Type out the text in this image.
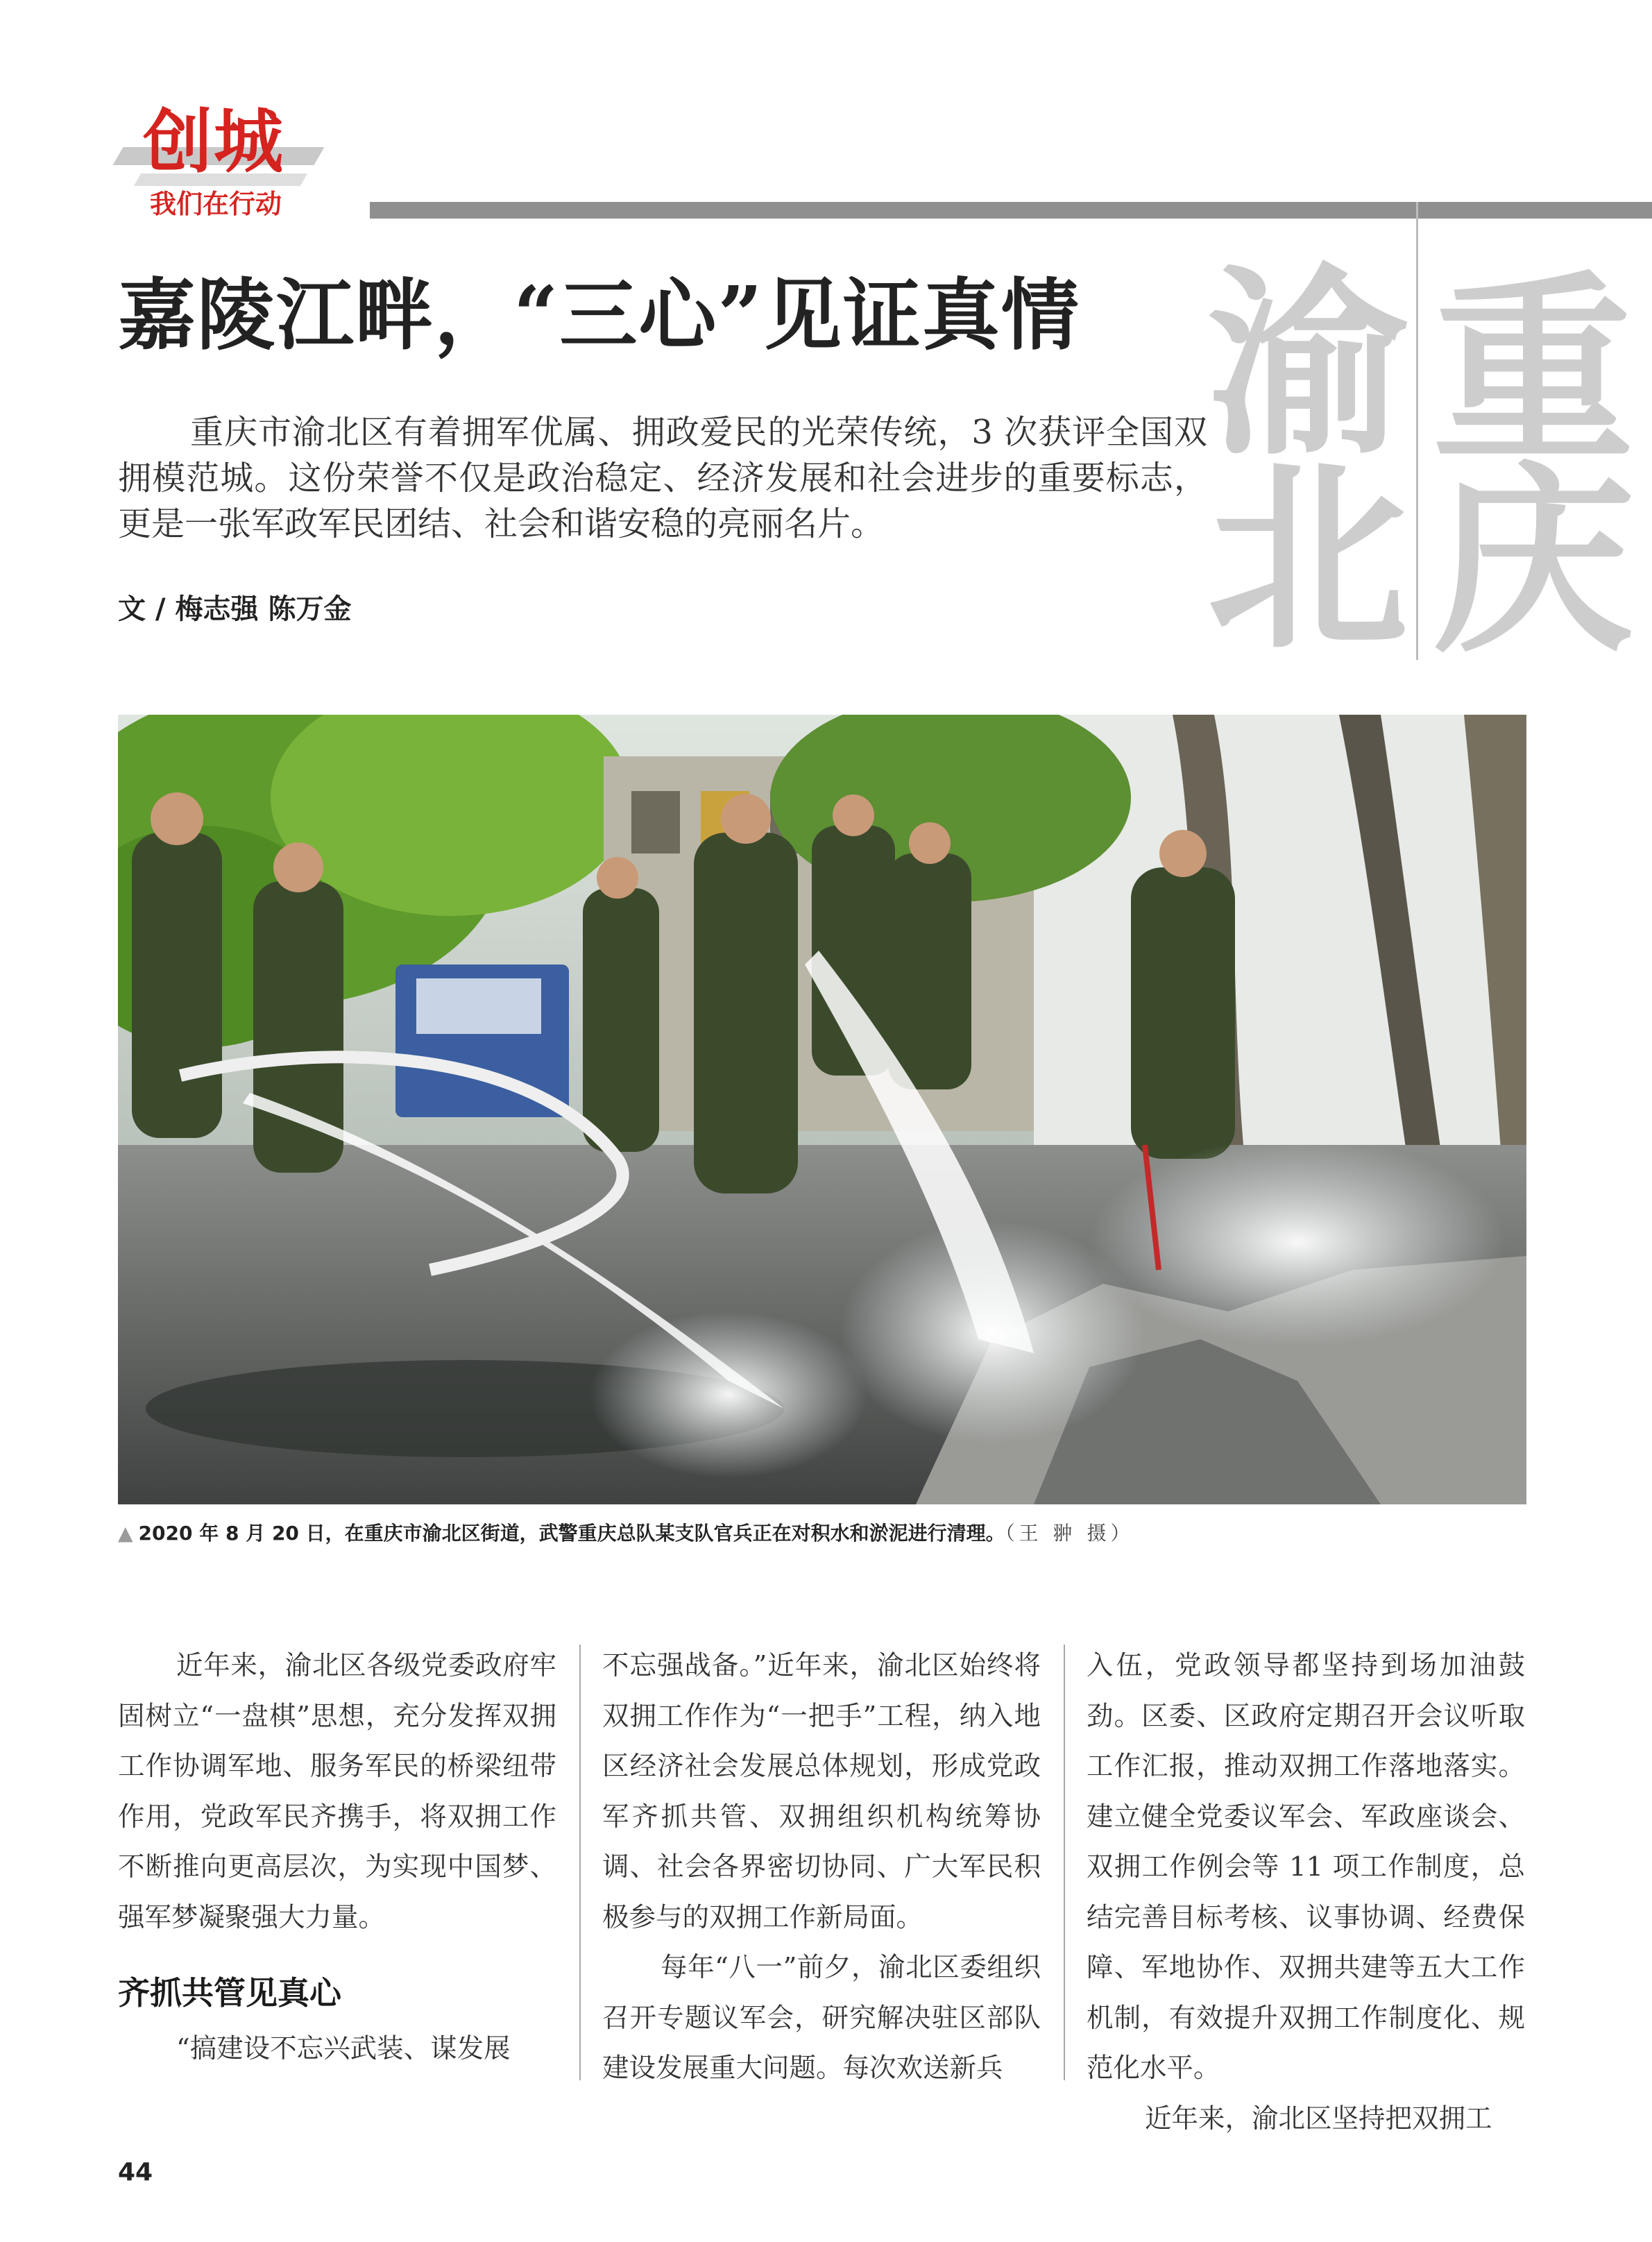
创城
我们在行动
嘉陵江畔，“三心”见证真情
重庆市渝北区有着拥军优属、拥政爱民的光荣传统，3 次获评全国双拥模范城。这份荣誉不仅是政治稳定、经济发展和社会进步的重要标志，更是一张军政军民团结、社会和谐安稳的亮丽名片。
文 / 梅志强 陈万金
渝
北
重
庆
▲ 2020 年 8 月 20 日，在重庆市渝北区街道，武警重庆总队某支队官兵正在对积水和淤泥进行清理。（王 翀 摄）

近年来，渝北区各级党委政府牢固树立“一盘棋”思想，充分发挥双拥工作协调军地、服务军民的桥梁纽带作用，党政军民齐携手，将双拥工作不断推向更高层次，为实现中国梦、强军梦凝聚强大力量。

齐抓共管见真心

“搞建设不忘兴武装、谋发展

不忘强战备。”近年来，渝北区始终将双拥工作作为“一把手”工程，纳入地区经济社会发展总体规划，形成党政军齐抓共管、双拥组织机构统筹协调、社会各界密切协同、广大军民积极参与的双拥工作新局面。

每年“八一”前夕，渝北区委组织召开专题议军会，研究解决驻区部队建设发展重大问题。每次欢送新兵

入伍，党政领导都坚持到场加油鼓劲。区委、区政府定期召开会议听取工作汇报，推动双拥工作落地落实。建立健全党委议军会、军政座谈会、双拥工作例会等 11 项工作制度，总结完善目标考核、议事协调、经费保障、军地协作、双拥共建等五大工作机制，有效提升双拥工作制度化、规范化水平。

近年来，渝北区坚持把双拥工

44
